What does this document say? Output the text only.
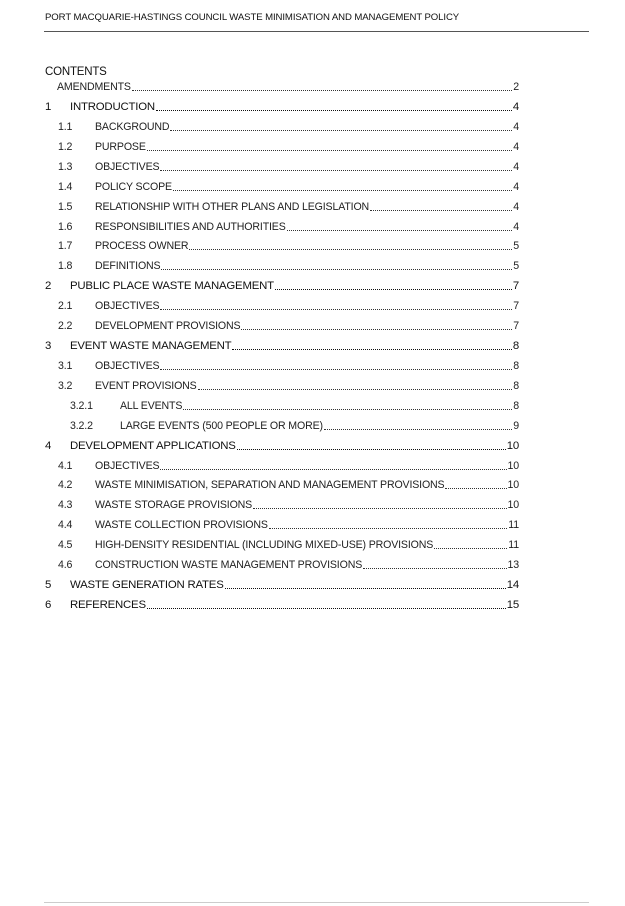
PORT MACQUARIE-HASTINGS COUNCIL WASTE MINIMISATION AND MANAGEMENT POLICY
CONTENTS
AMENDMENTS	2
1	INTRODUCTION	4
1.1	BACKGROUND	4
1.2	PURPOSE	4
1.3	OBJECTIVES	4
1.4	POLICY SCOPE	4
1.5	RELATIONSHIP WITH OTHER PLANS AND LEGISLATION	4
1.6	RESPONSIBILITIES AND AUTHORITIES	4
1.7	PROCESS OWNER	5
1.8	DEFINITIONS	5
2	PUBLIC PLACE WASTE MANAGEMENT	7
2.1	OBJECTIVES	7
2.2	DEVELOPMENT PROVISIONS	7
3	EVENT WASTE MANAGEMENT	8
3.1	OBJECTIVES	8
3.2	EVENT PROVISIONS	8
3.2.1	ALL EVENTS	8
3.2.2	LARGE EVENTS (500 PEOPLE OR MORE)	9
4	DEVELOPMENT APPLICATIONS	10
4.1	OBJECTIVES	10
4.2	WASTE MINIMISATION, SEPARATION AND MANAGEMENT PROVISIONS	10
4.3	WASTE STORAGE PROVISIONS	10
4.4	WASTE COLLECTION PROVISIONS	11
4.5	HIGH-DENSITY RESIDENTIAL (INCLUDING MIXED-USE) PROVISIONS	11
4.6	CONSTRUCTION WASTE MANAGEMENT PROVISIONS	13
5	WASTE GENERATION RATES	14
6	REFERENCES	15
